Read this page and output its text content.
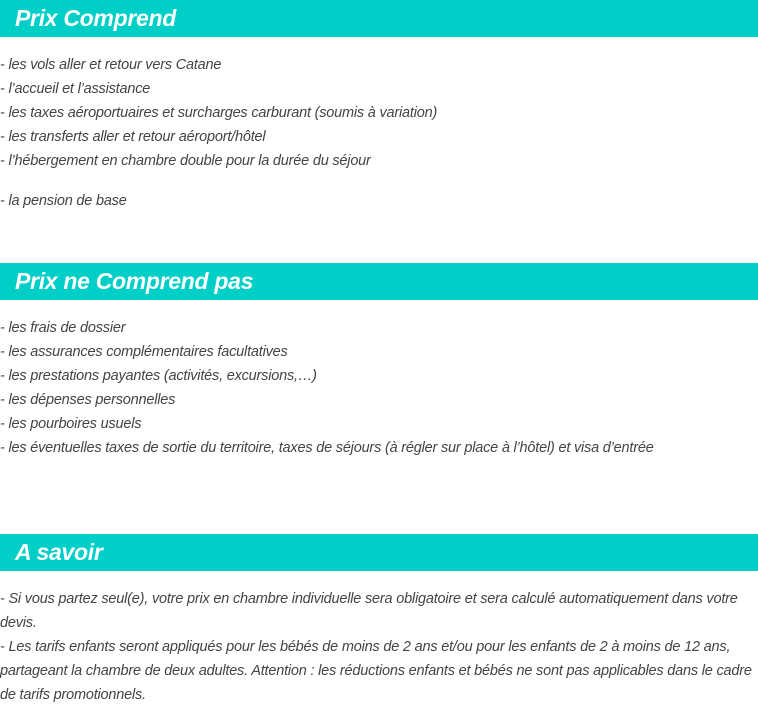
Prix Comprend
- les vols aller et retour vers Catane
- l’accueil et l’assistance
- les taxes aéroportuaires et surcharges carburant (soumis à variation)
- les transferts aller et retour aéroport/hôtel
- l’hébergement en chambre double pour la durée du séjour
- la pension de base
Prix ne Comprend pas
- les frais de dossier
- les assurances complémentaires facultatives
- les prestations payantes (activités, excursions,…)
- les dépenses personnelles
- les pourboires usuels
- les éventuelles taxes de sortie du territoire, taxes de séjours (à régler sur place à l’hôtel) et visa d’entrée
A savoir
- Si vous partez seul(e), votre prix en chambre individuelle sera obligatoire et sera calculé automatiquement dans votre devis.
- Les tarifs enfants seront appliqués pour les bébés de moins de 2 ans et/ou pour les enfants de 2 à moins de 12 ans, partageant la chambre de deux adultes. Attention : les réductions enfants et bébés ne sont pas applicables dans le cadre de tarifs promotionnels.
